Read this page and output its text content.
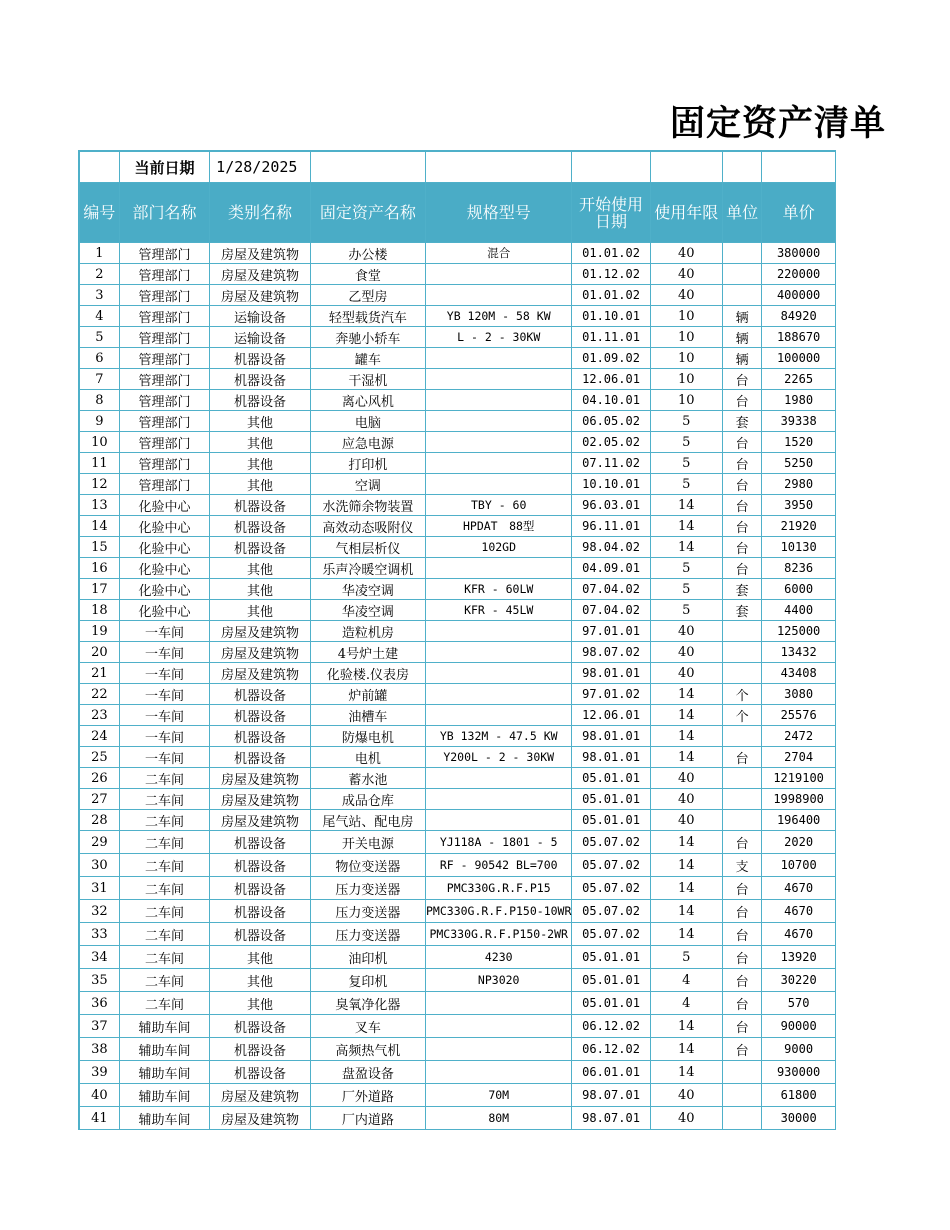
固定资产清单
	当前日期	1/28/2025						
编号	部门名称	类别名称	固定资产名称	规格型号	开始使用日期	使用年限	单位	单价
1	管理部门	房屋及建筑物	办公楼	混合	01.01.02	40		380000
2	管理部门	房屋及建筑物	食堂		01.12.02	40		220000
3	管理部门	房屋及建筑物	乙型房		01.01.02	40		400000
4	管理部门	运输设备	轻型载货汽车	YB 120M - 58 KW	01.10.01	10	辆	84920
5	管理部门	运输设备	奔驰小轿车	L - 2 - 30KW	01.11.01	10	辆	188670
6	管理部门	机器设备	罐车		01.09.02	10	辆	100000
7	管理部门	机器设备	干湿机		12.06.01	10	台	2265
8	管理部门	机器设备	离心风机		04.10.01	10	台	1980
9	管理部门	其他	电脑		06.05.02	5	套	39338
10	管理部门	其他	应急电源		02.05.02	5	台	1520
11	管理部门	其他	打印机		07.11.02	5	台	5250
12	管理部门	其他	空调		10.10.01	5	台	2980
13	化验中心	机器设备	水洗筛余物装置	TBY - 60	96.03.01	14	台	3950
14	化验中心	机器设备	高效动态吸附仪	HPDAT　88型	96.11.01	14	台	21920
15	化验中心	机器设备	气相层析仪	102GD	98.04.02	14	台	10130
16	化验中心	其他	乐声冷暖空调机		04.09.01	5	台	8236
17	化验中心	其他	华凌空调	KFR - 60LW	07.04.02	5	套	6000
18	化验中心	其他	华凌空调	KFR - 45LW	07.04.02	5	套	4400
19	一车间	房屋及建筑物	造粒机房		97.01.01	40		125000
20	一车间	房屋及建筑物	4号炉土建		98.07.02	40		13432
21	一车间	房屋及建筑物	化验楼.仪表房		98.01.01	40		43408
22	一车间	机器设备	炉前罐		97.01.02	14	个	3080
23	一车间	机器设备	油槽车		12.06.01	14	个	25576
24	一车间	机器设备	防爆电机	YB 132M - 47.5 KW	98.01.01	14		2472
25	一车间	机器设备	电机	Y200L - 2 - 30KW	98.01.01	14	台	2704
26	二车间	房屋及建筑物	蓄水池		05.01.01	40		1219100
27	二车间	房屋及建筑物	成品仓库		05.01.01	40		1998900
28	二车间	房屋及建筑物	尾气站、配电房		05.01.01	40		196400
29	二车间	机器设备	开关电源	YJ118A - 1801 - 5	05.07.02	14	台	2020
30	二车间	机器设备	物位变送器	RF - 90542 BL=700	05.07.02	14	支	10700
31	二车间	机器设备	压力变送器	PMC330G.R.F.P15	05.07.02	14	台	4670
32	二车间	机器设备	压力变送器	PMC330G.R.F.P150-10WR	05.07.02	14	台	4670
33	二车间	机器设备	压力变送器	PMC330G.R.F.P150-2WR	05.07.02	14	台	4670
34	二车间	其他	油印机	4230	05.01.01	5	台	13920
35	二车间	其他	复印机	NP3020	05.01.01	4	台	30220
36	二车间	其他	臭氧净化器		05.01.01	4	台	570
37	辅助车间	机器设备	叉车		06.12.02	14	台	90000
38	辅助车间	机器设备	高频热气机		06.12.02	14	台	9000
39	辅助车间	机器设备	盘盈设备		06.01.01	14		930000
40	辅助车间	房屋及建筑物	厂外道路	70M	98.07.01	40		61800
41	辅助车间	房屋及建筑物	厂内道路	80M	98.07.01	40		30000
